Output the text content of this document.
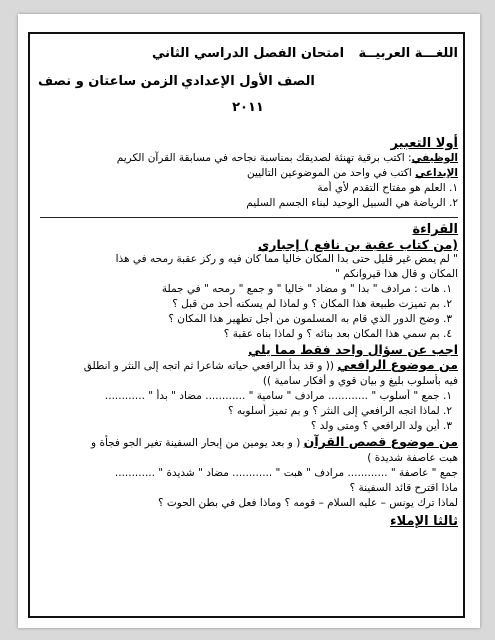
اللغـــة العربيــة
امتحان الفصل الدراسي الثاني
الصف الأول الإعدادي
الزمن ساعتان و نصف
٢٠١١

أولا التعبير

الوظيفي: اكتب برقية تهنئة لصديقك بمناسبة نجاحه في مسابقة القرآن الكريم

الإبداعي اكتب في واحد من الموضوعين التاليين

١. العلم هو مفتاح التقدم لأي أمة

٢. الرياضة هي السبيل الوحيد لبناء الجسم السليم

القراءة

(من كتاب عقبة بن نافع ) إجباري

" لم يمض غير قليل حتى بدا المكان خاليا مما كان فيه و ركز عقبة رمحه في هذا

المكان و قال هذا قيروانكم "

١. هات : مرادف " بدا " و مضاد " خاليا " و جمع " رمحه " في جملة

٢. بم تميزت طبيعة هذا المكان ؟ و لماذا لم يسكنه أحد من قبل ؟

٣. وضح الدور الذي قام به المسلمون من أجل تطهير هذا المكان ؟

٤. بم سمي هذا المكان بعد بنائه ؟ و لماذا بناه عقبة ؟

اجب عن سؤال واحد فقط مما يلي

من موضوع الرافعي (( و قد بدأ الرافعي حياته شاعرا ثم اتجه إلى النثر و انطلق

فيه بأسلوب بليغ و بيان قوي و أفكار سامية ))

١. جمع " أسلوب " ............ مرادف " سامية " ............ مضاد " بدأ " ............

٢. لماذا اتجه الرافعي إلى النثر ؟ و بم تميز أسلوبه ؟

٣. أين ولد الرافعي ؟ ومتى ولد ؟

من موضوع قصص القرآن ( و بعد يومين من إبحار السفينة تغير الجو فجأة و

هبت عاصفة شديدة )

جمع " عاصفة " ............ مرادف " هبت " ............ مضاد " شديدة " ............

ماذا اقترح قائد السفينة ؟

لماذا ترك يونس – عليه السلام – قومه ؟ وماذا فعل في بطن الحوت ؟

ثالثا الإملاء
